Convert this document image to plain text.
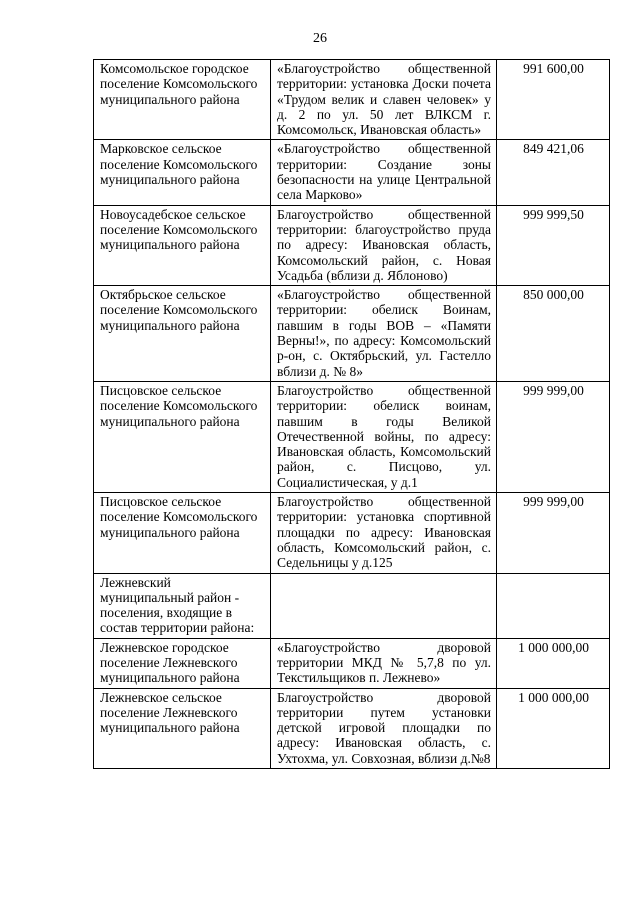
26
Комсомольское городское поселение Комсомольского муниципального района	«Благоустройство общественной территории: установка Доски почета «Трудом велик и славен человек» у д. 2 по ул. 50 лет ВЛКСМ г. Комсомольск, Ивановская область»	991 600,00
Марковское сельское поселение Комсомольского муниципального района	«Благоустройство общественной территории: Создание зоны безопасности на улице Центральной села Марково»	849 421,06
Новоусадебское сельское поселение Комсомольского муниципального района	Благоустройство общественной территории: благоустройство пруда по адресу: Ивановская область, Комсомольский район, с. Новая Усадьба (вблизи д. Яблоново)	999 999,50
Октябрьское сельское поселение Комсомольского муниципального района	«Благоустройство общественной территории: обелиск Воинам, павшим в годы ВОВ – «Памяти Верны!», по адресу: Комсомольский р-он, с. Октябрьский, ул. Гастелло вблизи д. № 8»	850 000,00
Писцовское сельское поселение Комсомольского муниципального района	Благоустройство общественной территории: обелиск воинам, павшим в годы Великой Отечественной войны, по адресу: Ивановская область, Комсомольский район, с. Писцово, ул. Социалистическая, у д.1	999 999,00
Писцовское сельское поселение Комсомольского муниципального района	Благоустройство общественной территории: установка спортивной площадки по адресу: Ивановская область, Комсомольский район, с. Седельницы у д.125	999 999,00
Лежневский муниципальный район - поселения, входящие в состав территории района:		
Лежневское городское поселение Лежневского муниципального района	«Благоустройство дворовой территории МКД № 5,7,8 по ул. Текстильщиков п. Лежнево»	1 000 000,00
Лежневское сельское поселение Лежневского муниципального района	Благоустройство дворовой территории путем установки детской игровой площадки по адресу: Ивановская область, с. Ухтохма, ул. Совхозная, вблизи д.№8	1 000 000,00
